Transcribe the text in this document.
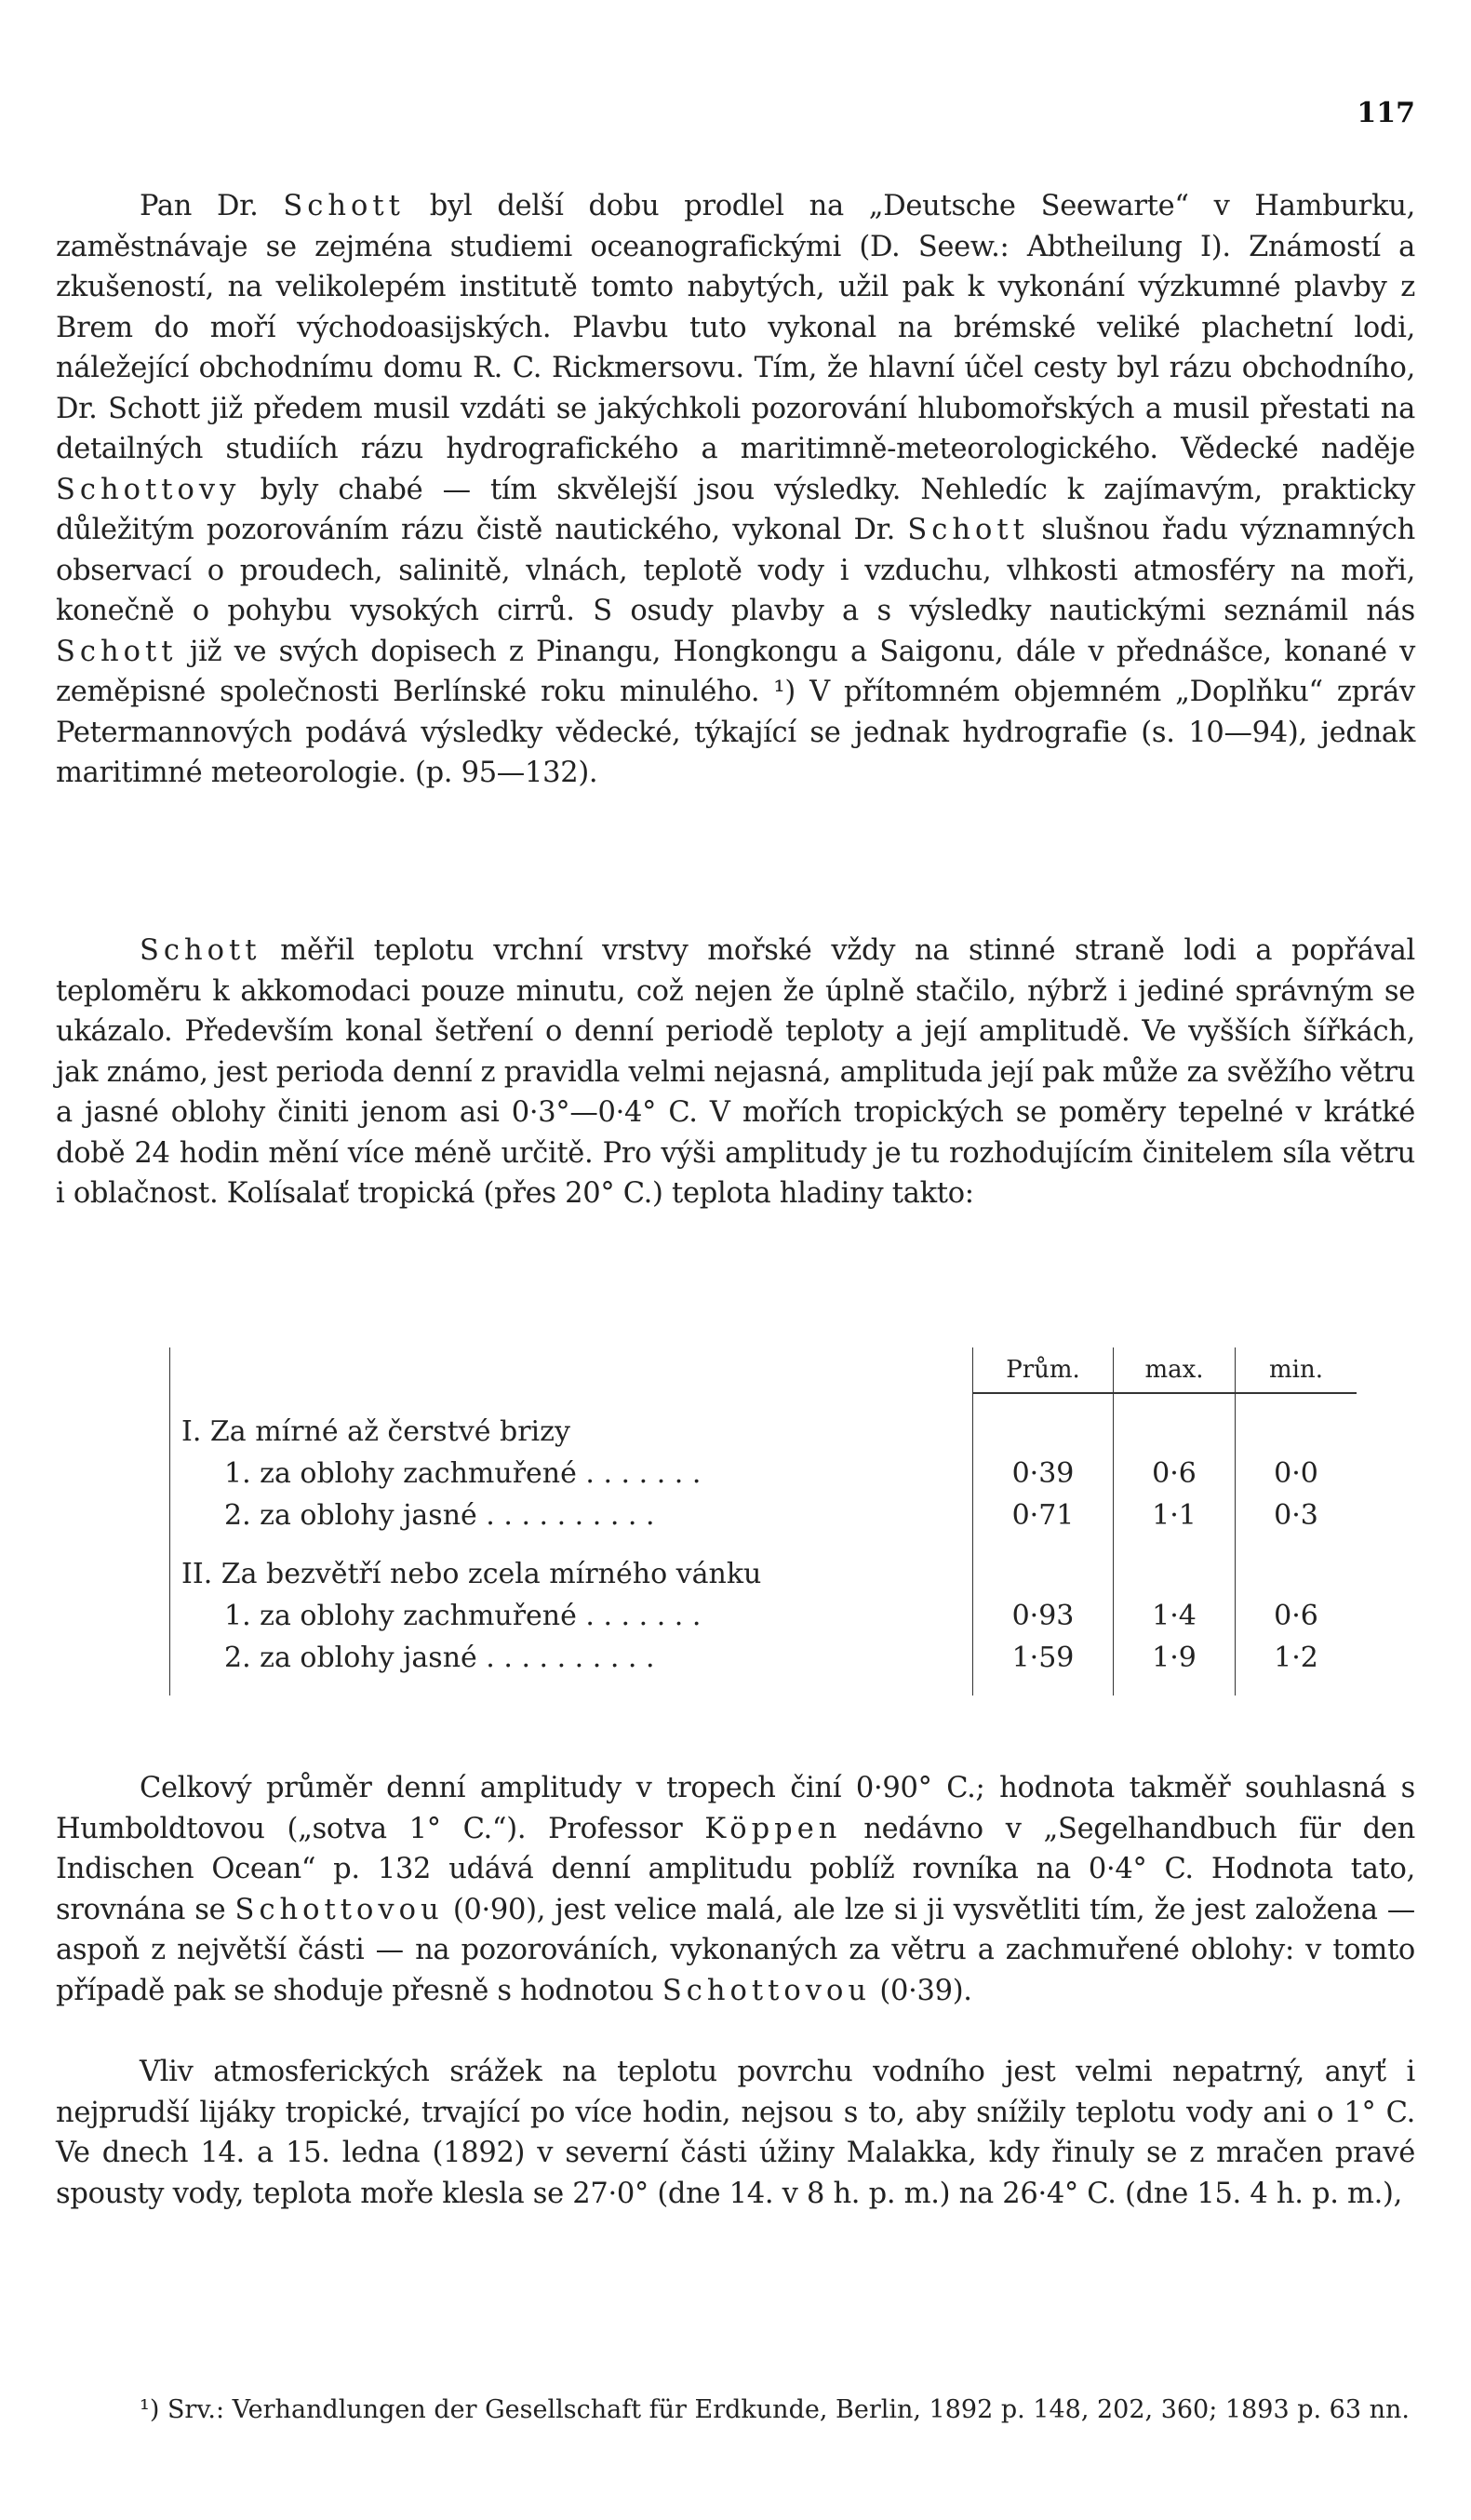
117
Pan Dr. Schott byl delší dobu prodlel na „Deutsche Seewarte“ v Hamburku, zaměstnávaje se zejména studiemi oceanografickými (D. Seew.: Abtheilung I). Známostí a zkušeností, na velikolepém institutě tomto nabytých, užil pak k vykonání výzkumné plavby z Brem do moří východoasijských. Plavbu tuto vykonal na brémské veliké plachetní lodi, náležející obchodnímu domu R. C. Rickmersovu. Tím, že hlavní účel cesty byl rázu obchodního, Dr. Schott již předem musil vzdáti se jakýchkoli pozorování hlubomořských a musil přestati na detailných studiích rázu hydrografického a maritimně-meteorologického. Vědecké naděje Schottovy byly chabé — tím skvělejší jsou výsledky. Nehledíc k zajímavým, prakticky důležitým pozorováním rázu čistě nautického, vykonal Dr. Schott slušnou řadu významných observací o proudech, salinitě, vlnách, teplotě vody i vzduchu, vlhkosti atmosféry na moři, konečně o pohybu vysokých cirrů. S osudy plavby a s výsledky nautickými seznámil nás Schott již ve svých dopisech z Pinangu, Hongkongu a Saigonu, dále v přednášce, konané v zeměpisné společnosti Berlínské roku minulého. ¹) V přítomném objemném „Doplňku“ zpráv Petermannových podává výsledky vědecké, týkající se jednak hydrografie (s. 10—94), jednak maritimné meteorologie. (p. 95—132).
Schott měřil teplotu vrchní vrstvy mořské vždy na stinné straně lodi a popřával teploměru k akkomodaci pouze minutu, což nejen že úplně stačilo, nýbrž i jediné správným se ukázalo. Především konal šetření o denní periodě teploty a její amplitudě. Ve vyšších šířkách, jak známo, jest perioda denní z pravidla velmi nejasná, amplituda její pak může za svěžího větru a jasné oblohy činiti jenom asi 0·3°—0·4° C. V mořích tropických se poměry tepelné v krátké době 24 hodin mění více méně určitě. Pro výši amplitudy je tu rozhodujícím činitelem síla větru i oblačnost. Kolísalať tropická (přes 20° C.) teplota hladiny takto:
	Prům.	max.	min.

I. Za mírné až čerstvé brizy			
1. za oblohy zachmuřené . . . . . . .	0·39	0·6	0·0
2. za oblohy jasné . . . . . . . . . .	0·71	1·1	0·3

II. Za bezvětří nebo zcela mírného vánku			
1. za oblohy zachmuřené . . . . . . .	0·93	1·4	0·6
2. za oblohy jasné . . . . . . . . . .	1·59	1·9	1·2

Celkový průměr denní amplitudy v tropech činí 0·90° C.; hodnota takměř souhlasná s Humboldtovou („sotva 1° C.“). Professor Köppen nedávno v „Segelhandbuch für den Indischen Ocean“ p. 132 udává denní amplitudu poblíž rovníka na 0·4° C. Hodnota tato, srovnána se Schottovou (0·90), jest velice malá, ale lze si ji vysvětliti tím, že jest založena — aspoň z největší části — na pozorováních, vykonaných za větru a zachmuřené oblohy: v tomto případě pak se shoduje přesně s hodnotou Schottovou (0·39).
Vliv atmosferických srážek na teplotu povrchu vodního jest velmi nepatrný, anyť i nejprudší lijáky tropické, trvající po více hodin, nejsou s to, aby snížily teplotu vody ani o 1° C. Ve dnech 14. a 15. ledna (1892) v severní části úžiny Malakka, kdy řinuly se z mračen pravé spousty vody, teplota moře klesla se 27·0° (dne 14. v 8 h. p. m.) na 26·4° C. (dne 15. 4 h. p. m.),
¹) Srv.: Verhandlungen der Gesellschaft für Erdkunde, Berlin, 1892 p. 148, 202, 360; 1893 p. 63 nn.
